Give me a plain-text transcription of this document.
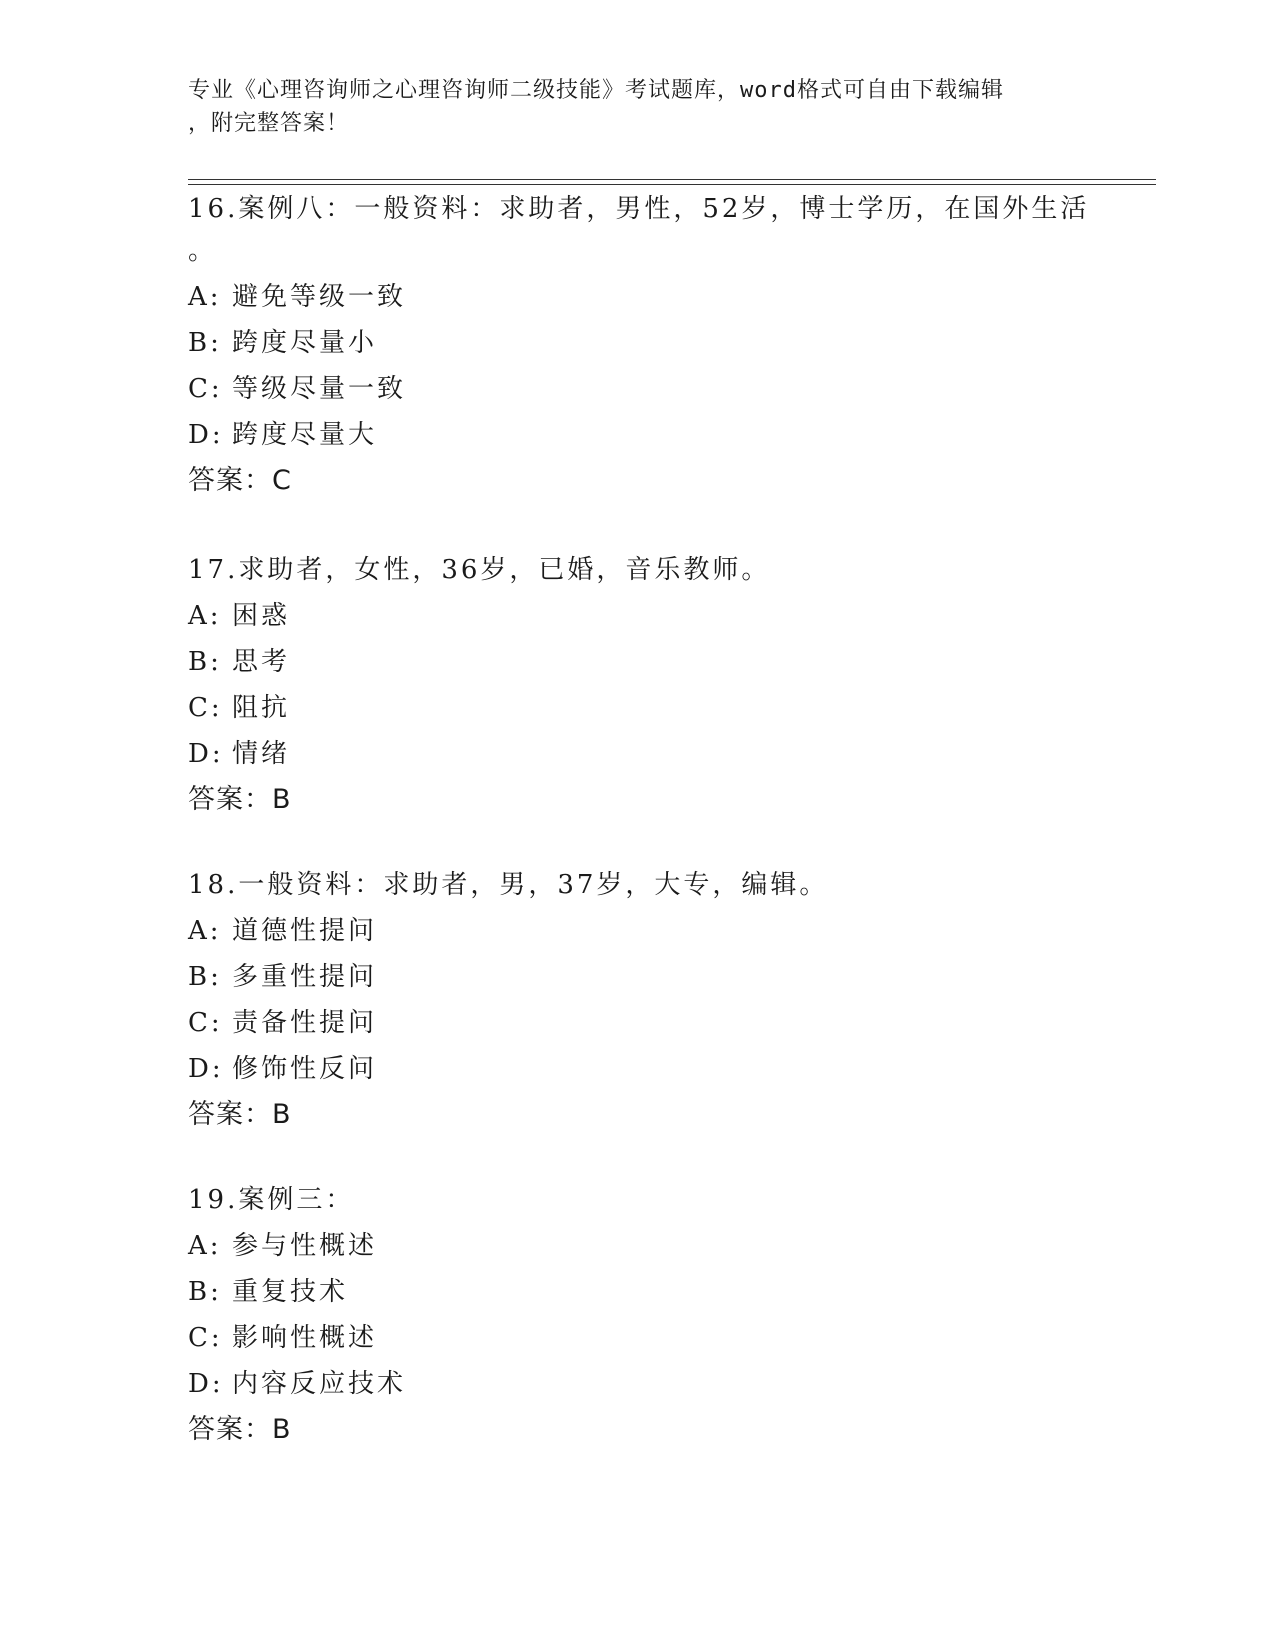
专业《心理咨询师之心理咨询师二级技能》考试题库，word格式可自由下载编辑
，附完整答案！
16.案例八：一般资料：求助者，男性，52岁，博士学历，在国外生活
。
A: 避免等级一致
B: 跨度尽量小
C: 等级尽量一致
D: 跨度尽量大
答案：C
17.求助者，女性，36岁，已婚，音乐教师。
A: 困惑
B: 思考
C: 阻抗
D: 情绪
答案：B
18.一般资料：求助者，男，37岁，大专，编辑。
A: 道德性提问
B: 多重性提问
C: 责备性提问
D: 修饰性反问
答案：B
19.案例三：
A: 参与性概述
B: 重复技术
C: 影响性概述
D: 内容反应技术
答案：B
